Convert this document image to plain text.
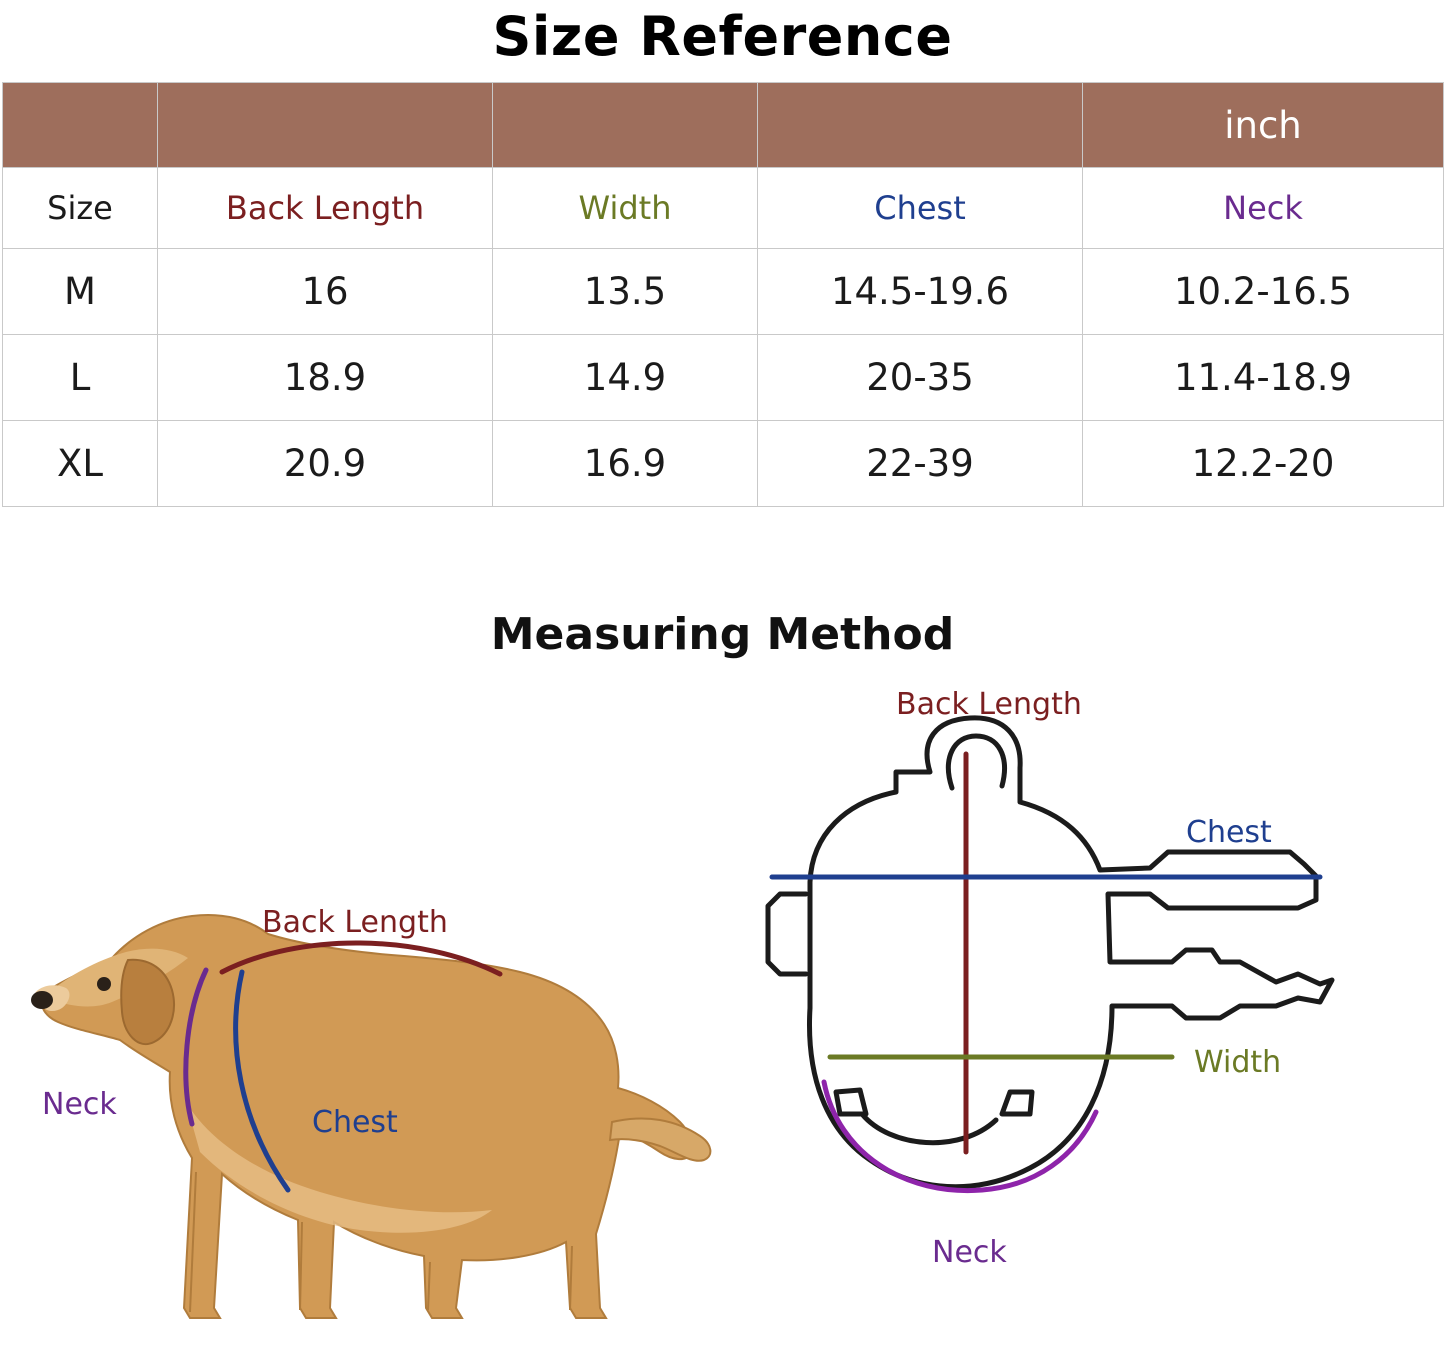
Size Reference
				inch
Size	Back Length	Width	Chest	Neck
M	16	13.5	14.5-19.6	10.2-16.5
L	18.9	14.9	20-35	11.4-18.9
XL	20.9	16.9	22-39	12.2-20
Measuring Method
Back Length
Neck
Chest
Back Length
Chest
Width
Neck
